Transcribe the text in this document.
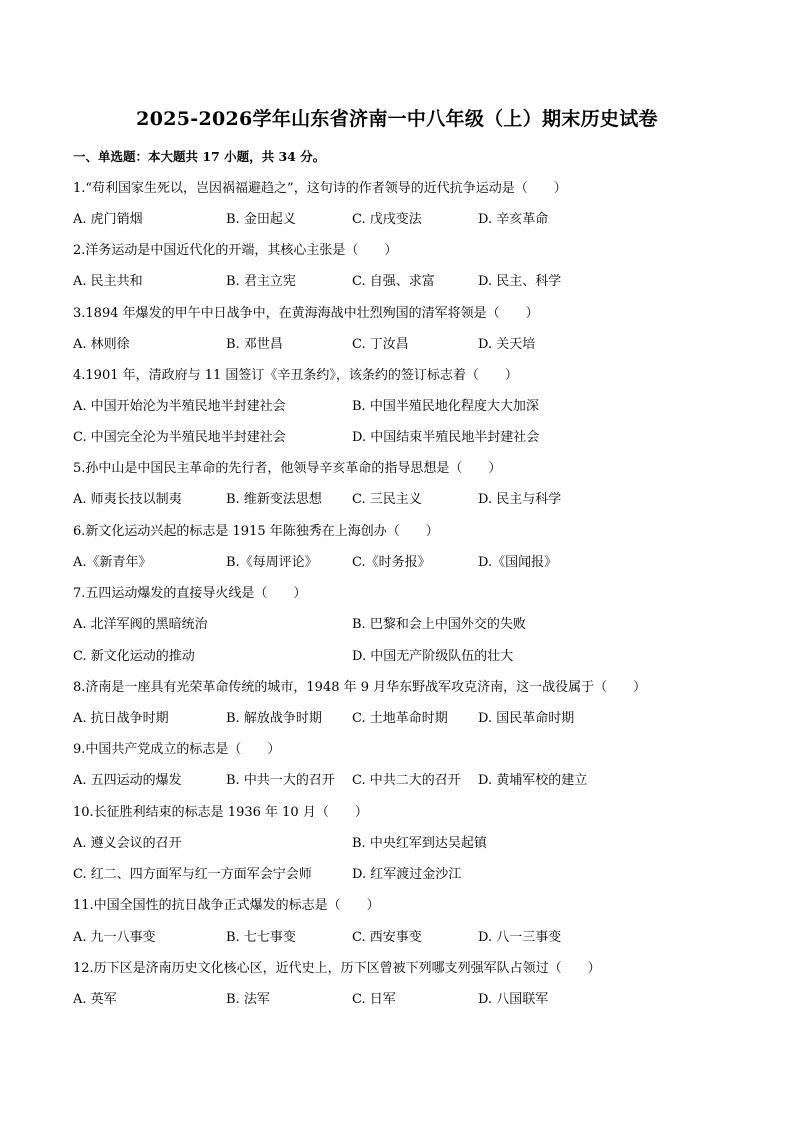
2025-2026学年山东省济南一中八年级（上）期末历史试卷
一、单选题：本大题共 17 小题，共 34 分。
1.“苟利国家生死以，岂因祸福避趋之”，这句诗的作者领导的近代抗争运动是（　　）
A. 虎门销烟	B. 金田起义	C. 戊戌变法	D. 辛亥革命
2.洋务运动是中国近代化的开端，其核心主张是（　　）
A. 民主共和	B. 君主立宪	C. 自强、求富	D. 民主、科学
3.1894 年爆发的甲午中日战争中，在黄海海战中壮烈殉国的清军将领是（　　）
A. 林则徐	B. 邓世昌	C. 丁汝昌	D. 关天培
4.1901 年，清政府与 11 国签订《辛丑条约》，该条约的签订标志着（　　）
A. 中国开始沦为半殖民地半封建社会	B. 中国半殖民地化程度大大加深
C. 中国完全沦为半殖民地半封建社会	D. 中国结束半殖民地半封建社会
5.孙中山是中国民主革命的先行者，他领导辛亥革命的指导思想是（　　）
A. 师夷长技以制夷	B. 维新变法思想 C. 三民主义	D. 民主与科学
6.新文化运动兴起的标志是 1915 年陈独秀在上海创办（　　）
A.《新青年》	B.《每周评论》	C.《时务报》	D.《国闻报》
7.五四运动爆发的直接导火线是（　　）
A. 北洋军阀的黑暗统治	B. 巴黎和会上中国外交的失败
C. 新文化运动的推动	D. 中国无产阶级队伍的壮大
8.济南是一座具有光荣革命传统的城市，1948 年 9 月华东野战军攻克济南，这一战役属于（　　）
A. 抗日战争时期	B. 解放战争时期 C. 土地革命时期 D. 国民革命时期
9.中国共产党成立的标志是（　　）
A. 五四运动的爆发	B. 中共一大的召开 C. 中共二大的召开 D. 黄埔军校的建立
10.长征胜利结束的标志是 1936 年 10 月（　　）
A. 遵义会议的召开	B. 中央红军到达吴起镇
C. 红二、四方面军与红一方面军会宁会师	D. 红军渡过金沙江
11.中国全国性的抗日战争正式爆发的标志是（　　）
A. 九一八事变	B. 七七事变	C. 西安事变	D. 八一三事变
12.历下区是济南历史文化核心区，近代史上，历下区曾被下列哪支列强军队占领过（　　）
A. 英军	B. 法军	C. 日军	D. 八国联军
